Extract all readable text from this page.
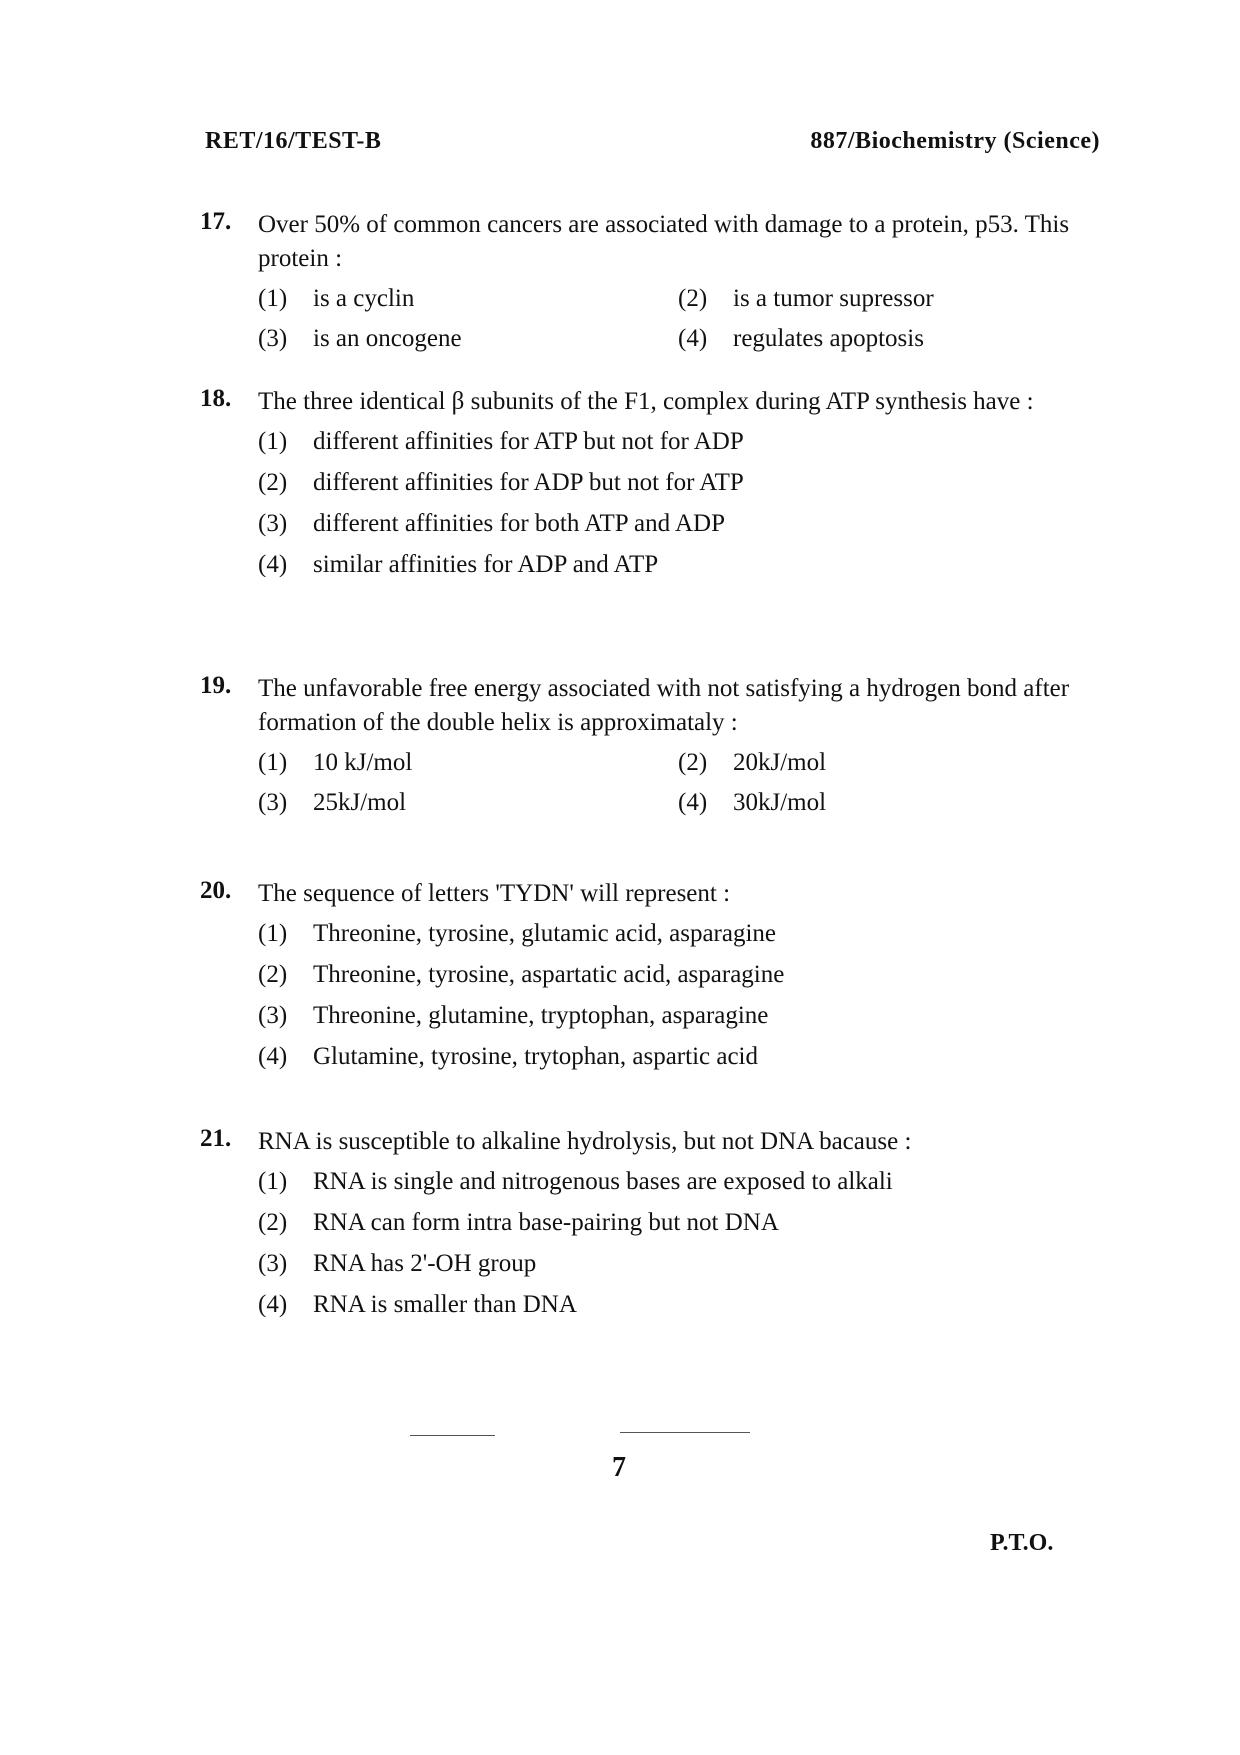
RET/16/TEST-B	887/Biochemistry (Science)
17. Over 50% of common cancers are associated with damage to a protein, p53. This protein :
(1)	is a cyclin	(2)	is a tumor supressor
(3)	is an oncogene	(4)	regulates apoptosis
18. The three identical β subunits of the F1, complex during ATP synthesis have :
(1)	different affinities for ATP but not for ADP
(2)	different affinities for ADP but not for ATP
(3)	different affinities for both ATP and ADP
(4)	similar affinities for ADP and ATP
19. The unfavorable free energy associated with not satisfying a hydrogen bond after formation of the double helix is approximataly :
(1)	10 kJ/mol	(2)	20kJ/mol
(3)	25kJ/mol	(4)	30kJ/mol
20. The sequence of letters 'TYDN' will represent :
(1)	Threonine, tyrosine, glutamic acid, asparagine
(2)	Threonine, tyrosine, aspartatic acid, asparagine
(3)	Threonine, glutamine, tryptophan, asparagine
(4)	Glutamine, tyrosine, trytophan, aspartic acid
21. RNA is susceptible to alkaline hydrolysis, but not DNA bacause :
(1)	RNA is single and nitrogenous bases are exposed to alkali
(2)	RNA can form intra base-pairing but not DNA
(3)	RNA has 2'-OH group
(4)	RNA is smaller than DNA
7
P.T.O.
